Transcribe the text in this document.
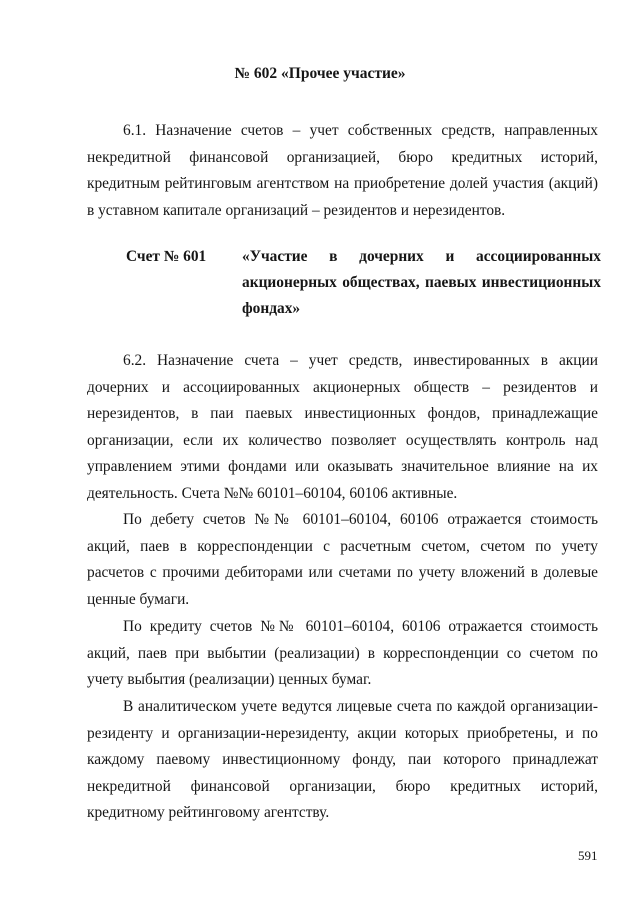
№ 602 «Прочее участие»

6.1. Назначение счетов – учет собственных средств, направленных некредитной финансовой организацией, бюро кредитных историй, кредитным рейтинговым агентством на приобретение долей участия (акций) в уставном капитале организаций – резидентов и нерезидентов.

Счет № 601 «Участие в дочерних и ассоциированных акционерных обществах, паевых инвестиционных фондах»

6.2. Назначение счета – учет средств, инвестированных в акции дочерних и ассоциированных акционерных обществ – резидентов и нерезидентов, в паи паевых инвестиционных фондов, принадлежащие организации, если их количество позволяет осуществлять контроль над управлением этими фондами или оказывать значительное влияние на их деятельность. Счета №№ 60101–60104, 60106 активные.

По дебету счетов №№ 60101–60104, 60106 отражается стоимость акций, паев в корреспонденции с расчетным счетом, счетом по учету расчетов с прочими дебиторами или счетами по учету вложений в долевые ценные бумаги.

По кредиту счетов №№ 60101–60104, 60106 отражается стоимость акций, паев при выбытии (реализации) в корреспонденции со счетом по учету выбытия (реализации) ценных бумаг.

В аналитическом учете ведутся лицевые счета по каждой организации-резиденту и организации-нерезиденту, акции которых приобретены, и по каждому паевому инвестиционному фонду, паи которого принадлежат некредитной финансовой организации, бюро кредитных историй, кредитному рейтинговому агентству.

591
